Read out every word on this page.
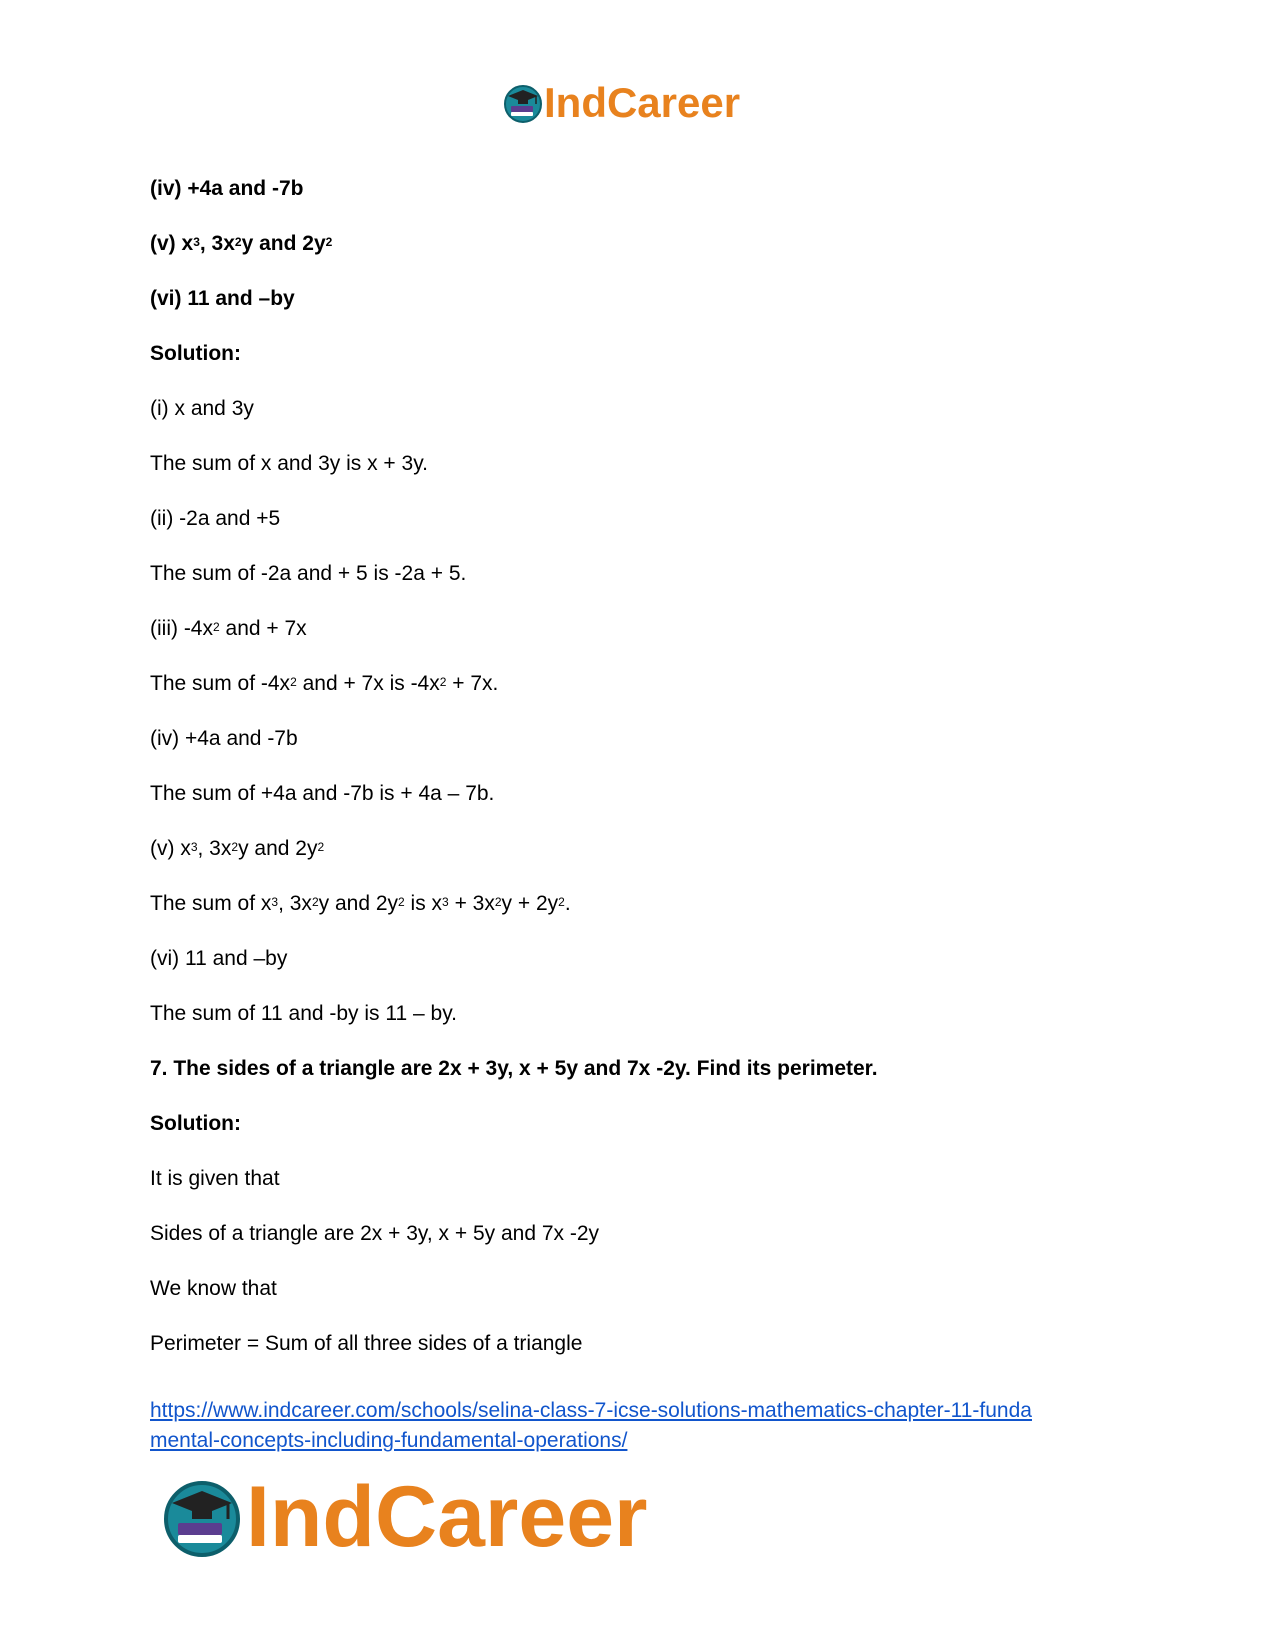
IndCareer

(iv) +4a and -7b

(v) $x^3$, $3x^2y$ and $2y^2$

(vi) 11 and –by

Solution:

(i) x and 3y

The sum of x and 3y is x + 3y.

(ii) -2a and +5

The sum of -2a and + 5 is -2a + 5.

(iii) $-4x^2$ and + 7x

The sum of $-4x^2$ and + 7x is $-4x^2 + 7x$.

(iv) +4a and -7b

The sum of +4a and -7b is + 4a – 7b.

(v) $x^3$, $3x^2y$ and $2y^2$

The sum of $x^3$, $3x^2y$ and $2y^2$ is $x^3 + 3x^2y + 2y^2$.

(vi) 11 and –by

The sum of 11 and -by is 11 – by.

7. The sides of a triangle are 2x + 3y, x + 5y and 7x -2y. Find its perimeter.

Solution:

It is given that

Sides of a triangle are 2x + 3y, x + 5y and 7x -2y

We know that

Perimeter = Sum of all three sides of a triangle

https://www.indcareer.com/schools/selina-class-7-icse-solutions-mathematics-chapter-11-funda
mental-concepts-including-fundamental-operations/
IndCareer
